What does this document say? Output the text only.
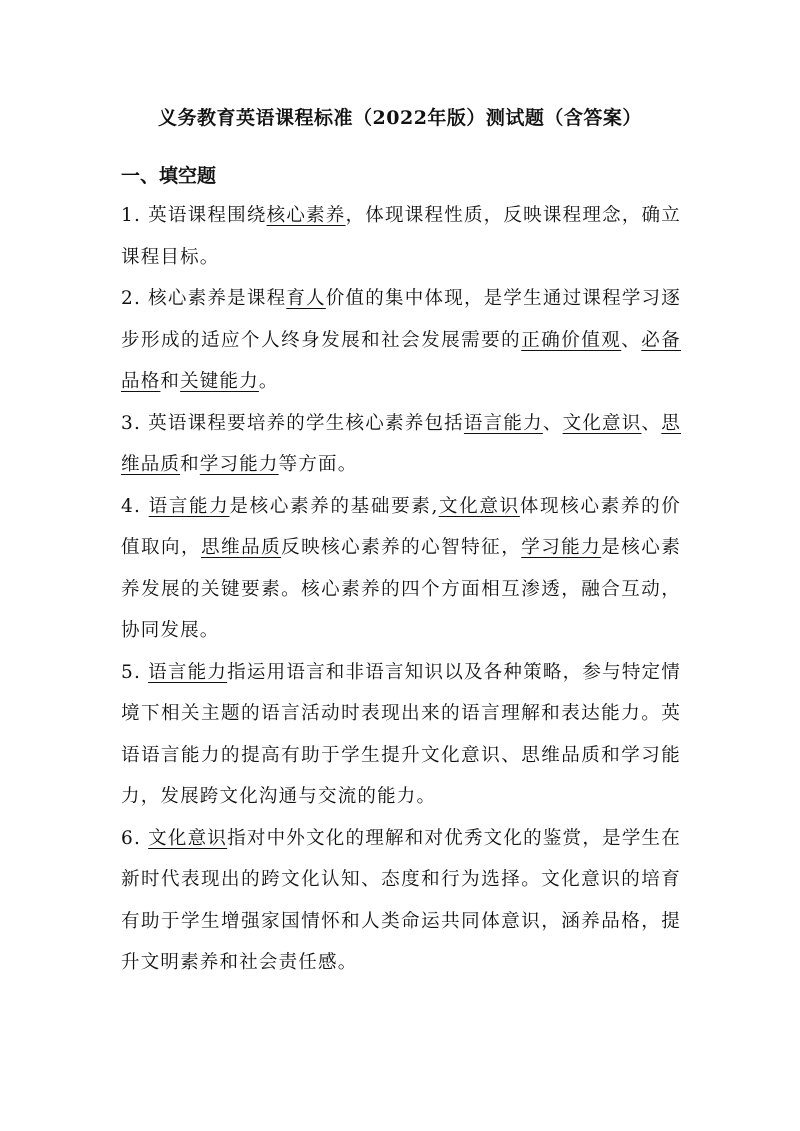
义务教育英语课程标准（2022年版）测试题（含答案）
一、填空题

1. 英语课程围绕核心素养，体现课程性质，反映课程理念，确立课程目标。

2. 核心素养是课程育人价值的集中体现，是学生通过课程学习逐步形成的适应个人终身发展和社会发展需要的正确价值观、必备品格和关键能力。

3. 英语课程要培养的学生核心素养包括语言能力、文化意识、思维品质和学习能力等方面。

4. 语言能力是核心素养的基础要素,文化意识体现核心素养的价值取向，思维品质反映核心素养的心智特征，学习能力是核心素养发展的关键要素。核心素养的四个方面相互渗透，融合互动，协同发展。

5. 语言能力指运用语言和非语言知识以及各种策略，参与特定情境下相关主题的语言活动时表现出来的语言理解和表达能力。英语语言能力的提高有助于学生提升文化意识、思维品质和学习能力，发展跨文化沟通与交流的能力。

6. 文化意识指对中外文化的理解和对优秀文化的鉴赏，是学生在新时代表现出的跨文化认知、态度和行为选择。文化意识的培育有助于学生增强家国情怀和人类命运共同体意识，涵养品格，提升文明素养和社会责任感。
